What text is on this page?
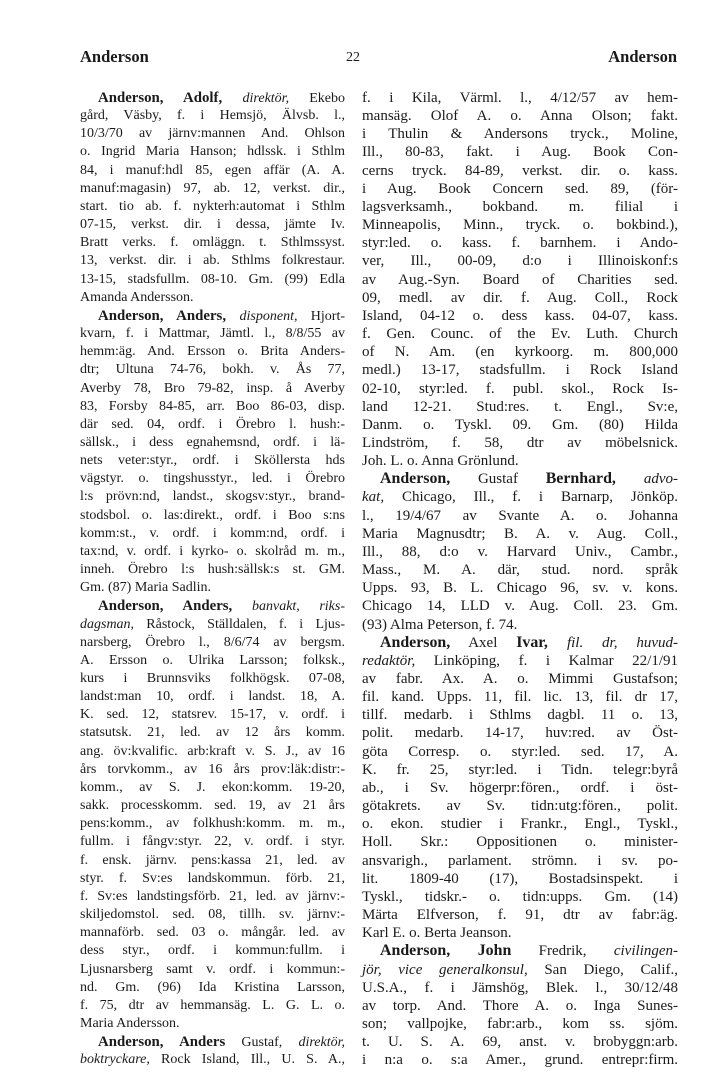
Anderson	22	Anderson
Anderson, Adolf, direktör, Ekebo
gård, Väsby, f. i Hemsjö, Älvsb. l.,
10/3/70 av järnv:mannen And. Ohlson
o. Ingrid Maria Hanson; hdlssk. i Sthlm
84, i manuf:hdl 85, egen affär (A. A.
manuf:magasin) 97, ab. 12, verkst. dir.,
start. tio ab. f. nykterh:automat i Sthlm
07-15, verkst. dir. i dessa, jämte Iv.
Bratt verks. f. omläggn. t. Sthlmssyst.
13, verkst. dir. i ab. Sthlms folkrestaur.
13-15, stadsfullm. 08-10. Gm. (99) Edla
Amanda Andersson.
Anderson, Anders, disponent, Hjort-
kvarn, f. i Mattmar, Jämtl. l., 8/8/55 av
hemm:äg. And. Ersson o. Brita Anders-
dtr; Ultuna 74-76, bokh. v. Ås 77,
Averby 78, Bro 79-82, insp. å Averby
83, Forsby 84-85, arr. Boo 86-03, disp.
där sed. 04, ordf. i Örebro l. hush:-
sällsk., i dess egnahemsnd, ordf. i lä-
nets veter:styr., ordf. i Sköllersta hds
vägstyr. o. tingshusstyr., led. i Örebro
l:s prövn:nd, landst., skogsv:styr., brand-
stodsbol. o. las:direkt., ordf. i Boo s:ns
komm:st., v. ordf. i komm:nd, ordf. i
tax:nd, v. ordf. i kyrko- o. skolråd m. m.,
inneh. Örebro l:s hush:sällsk:s st. GM.
Gm. (87) Maria Sadlin.
Anderson, Anders, banvakt, riks-
dagsman, Råstock, Ställdalen, f. i Ljus-
narsberg, Örebro l., 8/6/74 av bergsm.
A. Ersson o. Ulrika Larsson; folksk.,
kurs i Brunnsviks folkhögsk. 07-08,
landst:man 10, ordf. i landst. 18, A.
K. sed. 12, statsrev. 15-17, v. ordf. i
statsutsk. 21, led. av 12 års komm.
ang. öv:kvalific. arb:kraft v. S. J., av 16
års torvkomm., av 16 års prov:läk:distr:-
komm., av S. J. ekon:komm. 19-20,
sakk. processkomm. sed. 19, av 21 års
pens:komm., av folkhush:komm. m. m.,
fullm. i fångv:styr. 22, v. ordf. i styr.
f. ensk. järnv. pens:kassa 21, led. av
styr. f. Sv:es landskommun. förb. 21,
f. Sv:es landstingsförb. 21, led. av järnv:-
skiljedomstol. sed. 08, tillh. sv. järnv:-
mannaförb. sed. 03 o. mångår. led. av
dess styr., ordf. i kommun:fullm. i
Ljusnarsberg samt v. ordf. i kommun:-
nd. Gm. (96) Ida Kristina Larsson,
f. 75, dtr av hemmansäg. L. G. L. o.
Maria Andersson.
Anderson, Anders Gustaf, direktör,
boktryckare, Rock Island, Ill., U. S. A.,
f. i Kila, Värml. l., 4/12/57 av hem-
mansäg. Olof A. o. Anna Olson; fakt.
i Thulin & Andersons tryck., Moline,
Ill., 80-83, fakt. i Aug. Book Con-
cerns tryck. 84-89, verkst. dir. o. kass.
i Aug. Book Concern sed. 89, (för-
lagsverksamh., bokband. m. filial i
Minneapolis, Minn., tryck. o. bokbind.),
styr:led. o. kass. f. barnhem. i Ando-
ver, Ill., 00-09, d:o i Illinoiskonf:s
av Aug.-Syn. Board of Charities sed.
09, medl. av dir. f. Aug. Coll., Rock
Island, 04-12 o. dess kass. 04-07, kass.
f. Gen. Counc. of the Ev. Luth. Church
of N. Am. (en kyrkoorg. m. 800,000
medl.) 13-17, stadsfullm. i Rock Island
02-10, styr:led. f. publ. skol., Rock Is-
land 12-21. Stud:res. t. Engl., Sv:e,
Danm. o. Tyskl. 09. Gm. (80) Hilda
Lindström, f. 58, dtr av möbelsnick.
Joh. L. o. Anna Grönlund.
Anderson, Gustaf Bernhard, advo-
kat, Chicago, Ill., f. i Barnarp, Jönköp.
l., 19/4/67 av Svante A. o. Johanna
Maria Magnusdtr; B. A. v. Aug. Coll.,
Ill., 88, d:o v. Harvard Univ., Cambr.,
Mass., M. A. där, stud. nord. språk
Upps. 93, B. L. Chicago 96, sv. v. kons.
Chicago 14, LLD v. Aug. Coll. 23. Gm.
(93) Alma Peterson, f. 74.
Anderson, Axel Ivar, fil. dr, huvud-
redaktör, Linköping, f. i Kalmar 22/1/91
av fabr. Ax. A. o. Mimmi Gustafson;
fil. kand. Upps. 11, fil. lic. 13, fil. dr 17,
tillf. medarb. i Sthlms dagbl. 11 o. 13,
polit. medarb. 14-17, huv:red. av Öst-
göta Corresp. o. styr:led. sed. 17, A.
K. fr. 25, styr:led. i Tidn. telegr:byrå
ab., i Sv. högerpr:fören., ordf. i öst-
götakrets. av Sv. tidn:utg:fören., polit.
o. ekon. studier i Frankr., Engl., Tyskl.,
Holl. Skr.: Oppositionen o. minister-
ansvarigh., parlament. strömn. i sv. po-
lit. 1809-40 (17), Bostadsinspekt. i
Tyskl., tidskr.- o. tidn:upps. Gm. (14)
Märta Elfverson, f. 91, dtr av fabr:äg.
Karl E. o. Berta Jeanson.
Anderson, John Fredrik, civilingen-
jör, vice generalkonsul, San Diego, Calif.,
U.S.A., f. i Jämshög, Blek. l., 30/12/48
av torp. And. Thore A. o. Inga Sunes-
son; vallpojke, fabr:arb., kom ss. sjöm.
t. U. S. A. 69, anst. v. brobyggn:arb.
i n:a o. s:a Amer., grund. entrepr:firm.
